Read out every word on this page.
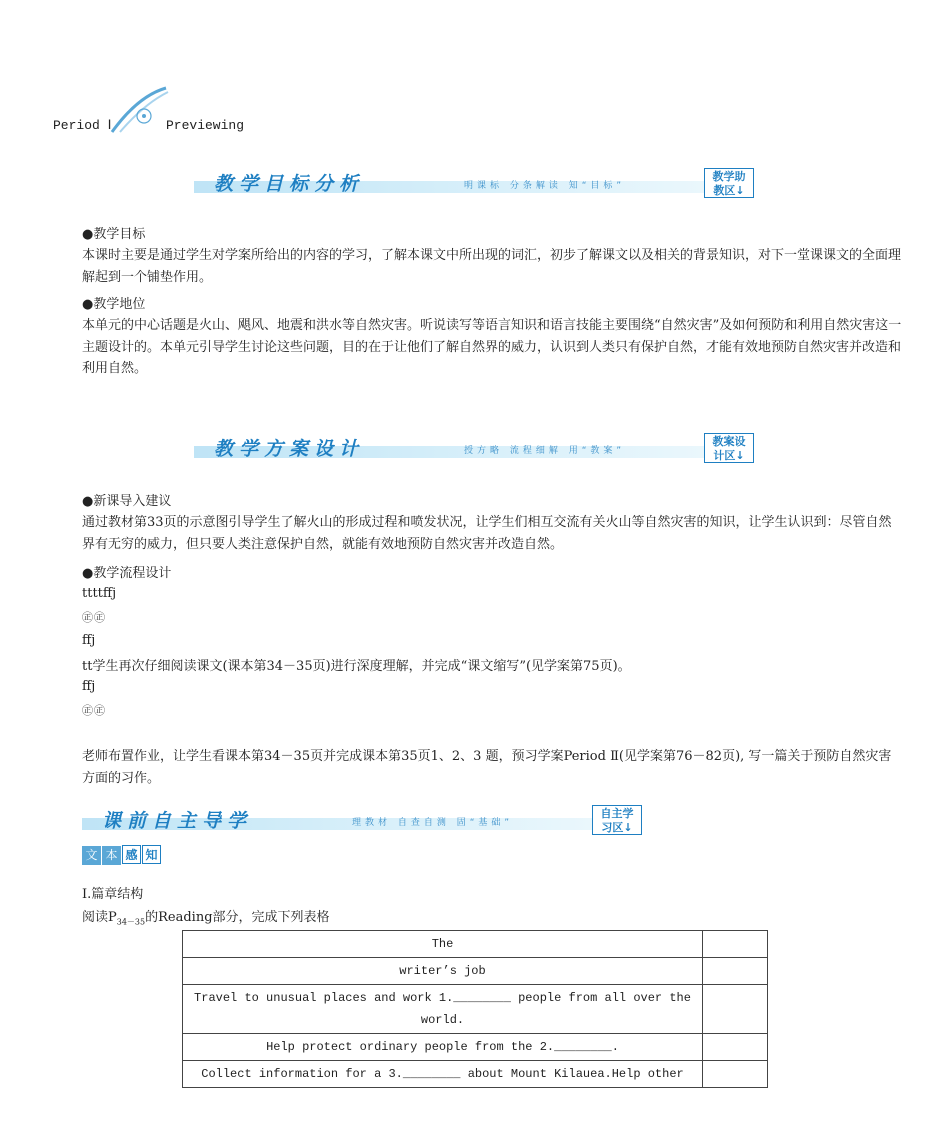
Period Ⅰ	Previewing
教学目标分析	明课标 分条解读 知“目标”
教学助
教区↓
●教学目标
本课时主要是通过学生对学案所给出的内容的学习，了解本课文中所出现的词汇，初步了解课文以及相关的背景知识，对下一堂课课文的全面理解起到一个铺垫作用。
●教学地位
本单元的中心话题是火山、飓风、地震和洪水等自然灾害。听说读写等语言知识和语言技能主要围绕“自然灾害”及如何预防和利用自然灾害这一主题设计的。本单元引导学生讨论这些问题，目的在于让他们了解自然界的威力，认识到人类只有保护自然，才能有效地预防自然灾害并改造和利用自然。
教学方案设计	授方略 流程细解 用“教案”
教案设
计区↓
●新课导入建议
通过教材第33页的示意图引导学生了解火山的形成过程和喷发状况，让学生们相互交流有关火山等自然灾害的知识，让学生认识到：尽管自然界有无穷的威力，但只要人类注意保护自然，就能有效地预防自然灾害并改造自然。
●教学流程设计
ttttffj
㊣㊣
ffj
tt学生再次仔细阅读课文(课本第34－35页)进行深度理解，并完成“课文缩写”(见学案第75页)。
ffj
㊣㊣
老师布置作业，让学生看课本第34－35页并完成课本第35页1、2、3 题，预习学案Period Ⅱ(见学案第76－82页), 写一篇关于预防自然灾害方面的习作。
课前自主导学	理教材 自查自测 固“基础”
自主学
习区↓
文 本 感 知
Ⅰ.篇章结构
阅读$P_{34-35}$的Reading部分，完成下列表格
The	
writer’s job	
Travel to unusual places and work 1.________ people from all over the world.	
Help protect ordinary people from the 2.________.	
Collect information for a 3.________ about Mount Kilauea.Help other	
